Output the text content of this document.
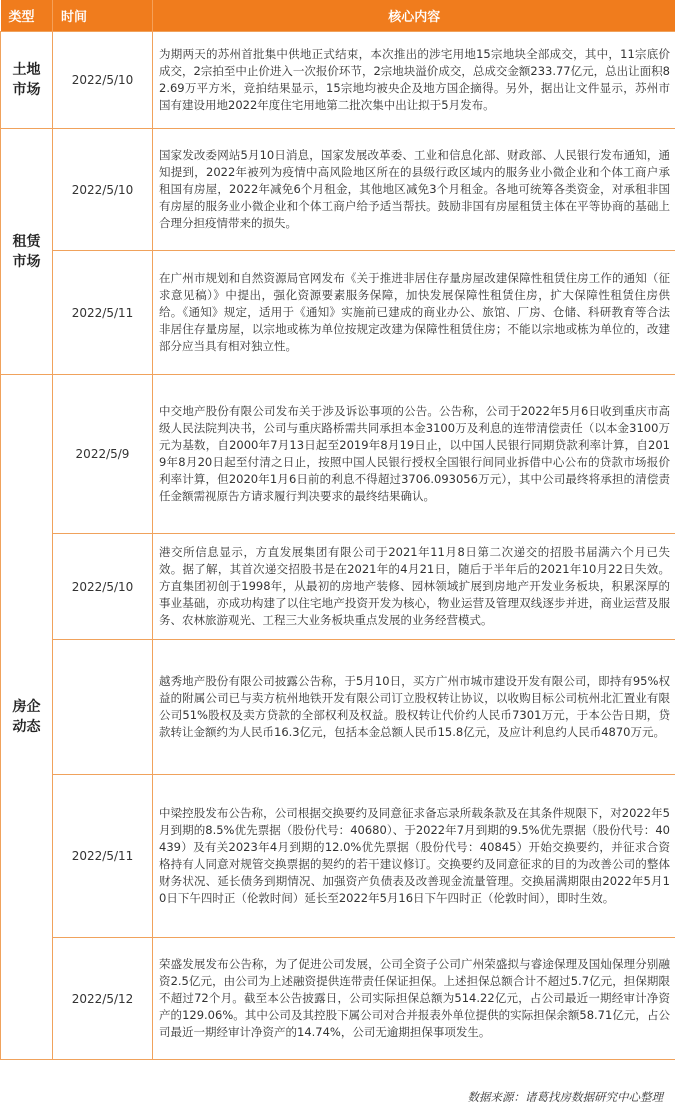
类型	时间	核心内容
土地市场	2022/5/10	为期两天的苏州首批集中供地正式结束，本次推出的涉宅用地15宗地块全部成交，其中，11宗底价成交，2宗拍至中止价进入一次报价环节，2宗地块溢价成交，总成交金额233.77亿元，总出让面积82.69万平方米，竞拍结果显示，15宗地均被央企及地方国企摘得。另外，据出让文件显示，苏州市国有建设用地2022年度住宅用地第二批次集中出让拟于5月发布。
租赁市场	2022/5/10	国家发改委网站5月10日消息，国家发展改革委、工业和信息化部、财政部、人民银行发布通知，通知提到，2022年被列为疫情中高风险地区所在的县级行政区域内的服务业小微企业和个体工商户承租国有房屋，2022年减免6个月租金，其他地区减免3个月租金。各地可统筹各类资金，对承租非国有房屋的服务业小微企业和个体工商户给予适当帮扶。鼓励非国有房屋租赁主体在平等协商的基础上合理分担疫情带来的损失。
	2022/5/11	在广州市规划和自然资源局官网发布《关于推进非居住存量房屋改建保障性租赁住房工作的通知（征求意见稿）》中提出，强化资源要素服务保障，加快发展保障性租赁住房，扩大保障性租赁住房供给。《通知》规定，适用于《通知》实施前已建成的商业办公、旅馆、厂房、仓储、科研教育等合法非居住存量房屋，以宗地或栋为单位按规定改建为保障性租赁住房；不能以宗地或栋为单位的，改建部分应当具有相对独立性。
房企动态	2022/5/9	中交地产股份有限公司发布关于涉及诉讼事项的公告。公告称，公司于2022年5月6日收到重庆市高级人民法院判决书，公司与重庆路桥需共同承担本金3100万及利息的连带清偿责任（以本金3100万元为基数，自2000年7月13日起至2019年8月19日止，以中国人民银行同期贷款利率计算，自2019年8月20日起至付清之日止，按照中国人民银行授权全国银行间同业拆借中心公布的贷款市场报价利率计算，但2020年1月6日前的利息不得超过3706.093056万元），其中公司最终将承担的清偿责任金额需视原告方请求履行判决要求的最终结果确认。
	2022/5/10	港交所信息显示，方直发展集团有限公司于2021年11月8日第二次递交的招股书届满六个月已失效。据了解，其首次递交招股书是在2021年的4月21日，随后于半年后的2021年10月22日失效。方直集团初创于1998年，从最初的房地产装修、园林领域扩展到房地产开发业务板块，积累深厚的事业基础，亦成功构建了以住宅地产投资开发为核心，物业运营及管理双线逐步并进，商业运营及服务、农林旅游观光、工程三大业务板块重点发展的业务经营模式。
		越秀地产股份有限公司披露公告称，于5月10日，买方广州市城市建设开发有限公司，即持有95%权益的附属公司已与卖方杭州地铁开发有限公司订立股权转让协议，以收购目标公司杭州北汇置业有限公司51%股权及卖方贷款的全部权利及权益。股权转让代价约人民币7301万元，于本公告日期，贷款转让金额约为人民币16.3亿元，包括本金总额人民币15.8亿元，及应计利息约人民币4870万元。
	2022/5/11	中梁控股发布公告称，公司根据交换要约及同意征求备忘录所载条款及在其条件规限下，对2022年5月到期的8.5%优先票据（股份代号：40680）、于2022年7月到期的9.5%优先票据（股份代号：40439）及有关2023年4月到期的12.0%优先票据（股份代号：40845）开始交换要约，并征求合资格持有人同意对规管交换票据的契约的若干建议修订。交换要约及同意征求的目的为改善公司的整体财务状况、延长债务到期情况、加强资产负债表及改善现金流量管理。交换届满期限由2022年5月10日下午四时正（伦敦时间）延长至2022年5月16日下午四时正（伦敦时间），即时生效。
	2022/5/12	荣盛发展发布公告称，为了促进公司发展，公司全资子公司广州荣盛拟与睿途保理及国灿保理分别融资2.5亿元，由公司为上述融资提供连带责任保证担保。上述担保总额合计不超过5.7亿元，担保期限不超过72个月。截至本公告披露日，公司实际担保总额为514.22亿元，占公司最近一期经审计净资产的129.06%。其中公司及其控股下属公司对合并报表外单位提供的实际担保余额58.71亿元，占公司最近一期经审计净资产的14.74%，公司无逾期担保事项发生。
数据来源：诸葛找房数据研究中心整理
